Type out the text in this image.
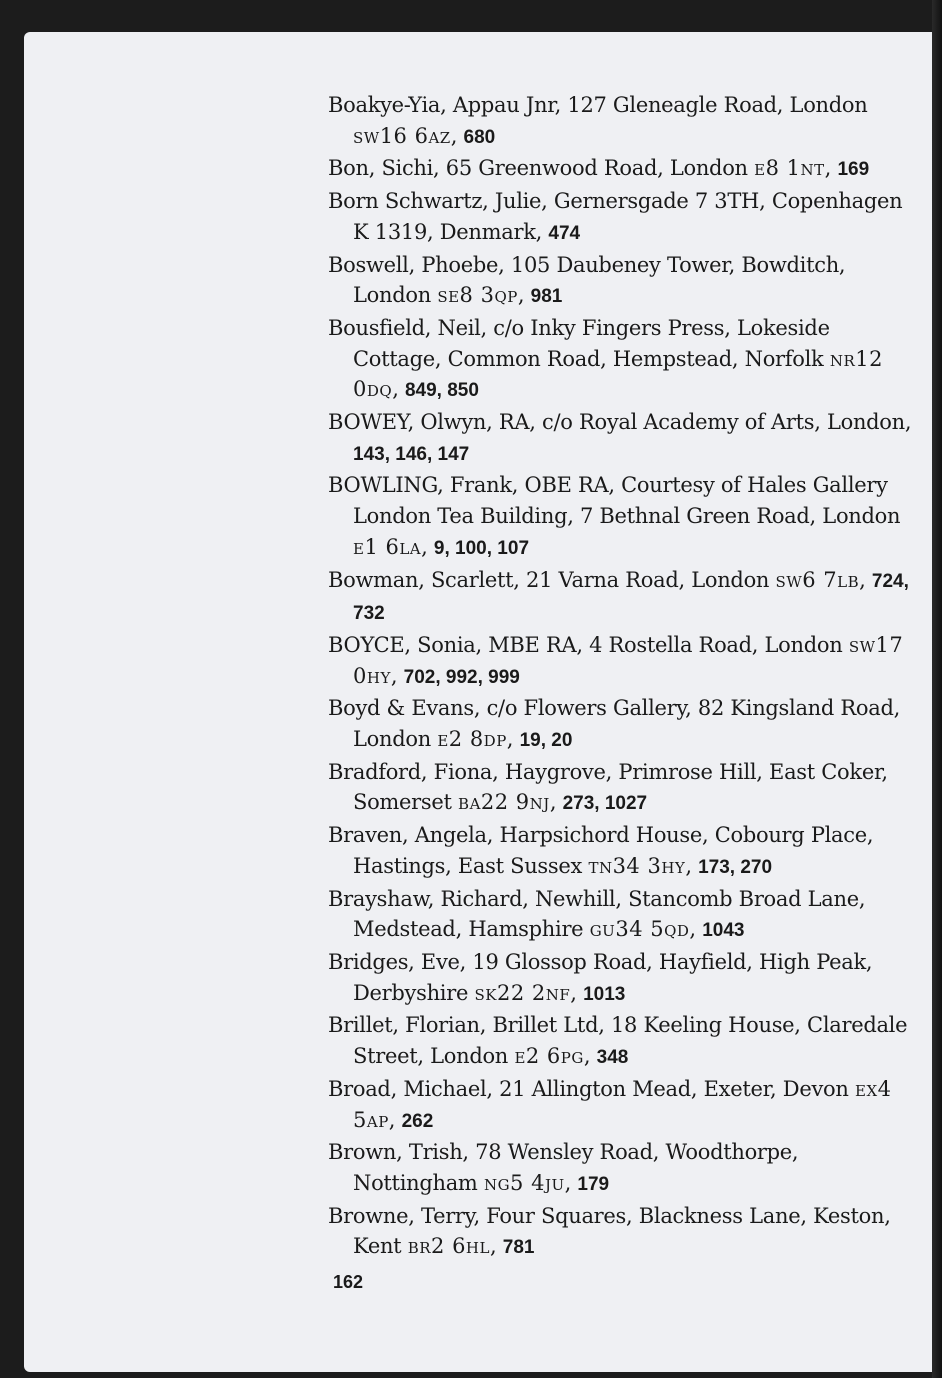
Boakye-Yia, Appau Jnr, 127 Gleneagle Road, London sw16 6az, 680

Bon, Sichi, 65 Greenwood Road, London e8 1nt, 169

Born Schwartz, Julie, Gernersgade 7 3TH, Copenhagen K 1319, Denmark, 474

Boswell, Phoebe, 105 Daubeney Tower, Bowditch, London se8 3qp, 981

Bousfield, Neil, c/o Inky Fingers Press, Lokeside Cottage, Common Road, Hempstead, Norfolk nr12 0dq, 849, 850

BOWEY, Olwyn, RA, c/o Royal Academy of Arts, London, 143, 146, 147

BOWLING, Frank, OBE RA, Courtesy of Hales Gallery London Tea Building, 7 Bethnal Green Road, London e1 6la, 9, 100, 107

Bowman, Scarlett, 21 Varna Road, London sw6 7lb, 724, 732

BOYCE, Sonia, MBE RA, 4 Rostella Road, London sw17 0hy, 702, 992, 999

Boyd & Evans, c/o Flowers Gallery, 82 Kingsland Road, London e2 8dp, 19, 20

Bradford, Fiona, Haygrove, Primrose Hill, East Coker, Somerset ba22 9nj, 273, 1027

Braven, Angela, Harpsichord House, Cobourg Place, Hastings, East Sussex tn34 3hy, 173, 270

Brayshaw, Richard, Newhill, Stancomb Broad Lane, Medstead, Hamsphire gu34 5qd, 1043

Bridges, Eve, 19 Glossop Road, Hayfield, High Peak, Derbyshire sk22 2nf, 1013

Brillet, Florian, Brillet Ltd, 18 Keeling House, Claredale Street, London e2 6pg, 348

Broad, Michael, 21 Allington Mead, Exeter, Devon ex4 5ap, 262

Brown, Trish, 78 Wensley Road, Woodthorpe, Nottingham ng5 4ju, 179

Browne, Terry, Four Squares, Blackness Lane, Keston, Kent br2 6hl, 781

162
